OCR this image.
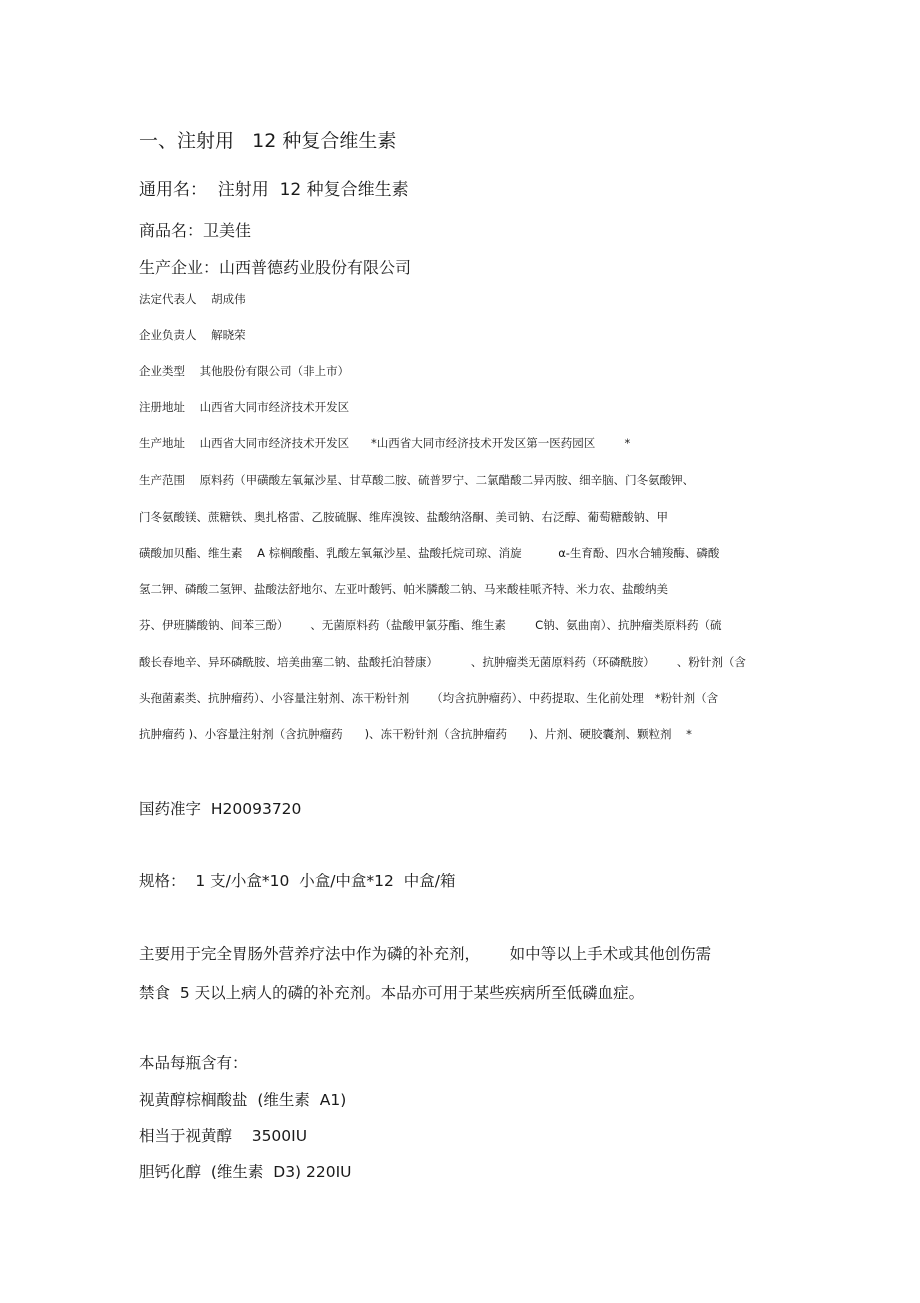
一、注射用   12 种复合维生素

通用名：  注射用  12 种复合维生素

商品名：卫美佳

生产企业：山西普德药业股份有限公司

法定代表人    胡成伟

企业负责人    解晓荣

企业类型    其他股份有限公司（非上市）

注册地址    山西省大同市经济技术开发区

生产地址    山西省大同市经济技术开发区      *山西省大同市经济技术开发区第一医药园区        *

生产范围    原料药（甲磺酸左氧氟沙星、甘草酸二胺、硫普罗宁、二氯醋酸二异丙胺、细辛脑、门冬氨酸钾、

门冬氨酸镁、蔗糖铁、奥扎格雷、乙胺硫脲、维库溴铵、盐酸纳洛酮、美司钠、右泛醇、葡萄糖酸钠、甲

磺酸加贝酯、维生素    A 棕榈酸酯、乳酸左氧氟沙星、盐酸托烷司琼、消旋          α-生育酚、四水合辅羧酶、磷酸

氢二钾、磷酸二氢钾、盐酸法舒地尔、左亚叶酸钙、帕米膦酸二钠、马来酸桂哌齐特、米力农、盐酸纳美

芬、伊班膦酸钠、间苯三酚）      、无菌原料药（盐酸甲氯芬酯、维生素        C钠、氨曲南）、抗肿瘤类原料药（硫

酸长春地辛、异环磷酰胺、培美曲塞二钠、盐酸托泊替康）         、抗肿瘤类无菌原料药（环磷酰胺）      、粉针剂（含

头孢菌素类、抗肿瘤药）、小容量注射剂、冻干粉针剂      （均含抗肿瘤药）、中药提取、生化前处理   *粉针剂（含

抗肿瘤药 )、小容量注射剂（含抗肿瘤药      )、冻干粉针剂（含抗肿瘤药      )、片剂、硬胶囊剂、颗粒剂    *

国药准字  H20093720

规格：  1 支/小盒*10  小盒/中盒*12  中盒/箱

主要用于完全胃肠外营养疗法中作为磷的补充剂，      如中等以上手术或其他创伤需

禁食  5 天以上病人的磷的补充剂。本品亦可用于某些疾病所至低磷血症。

本品每瓶含有：

视黄醇棕榈酸盐  (维生素  A1)

相当于视黄醇    3500IU

胆钙化醇  (维生素  D3) 220IU
